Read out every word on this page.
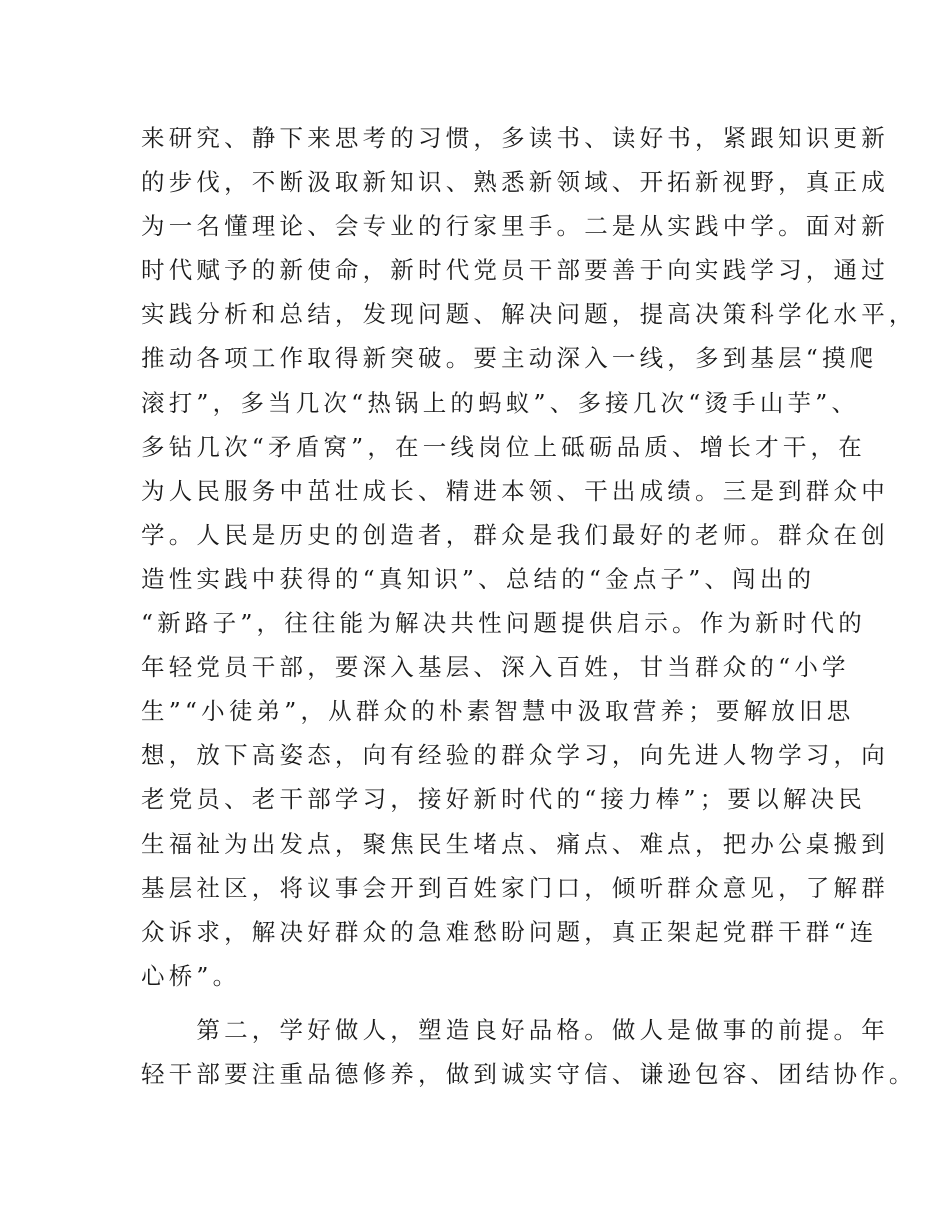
来研究、静下来思考的习惯，多读书、读好书，紧跟知识更新
的步伐，不断汲取新知识、熟悉新领域、开拓新视野，真正成
为一名懂理论、会专业的行家里手。二是从实践中学。面对新
时代赋予的新使命，新时代党员干部要善于向实践学习，通过
实践分析和总结，发现问题、解决问题，提高决策科学化水平，
推动各项工作取得新突破。要主动深入一线，多到基层“摸爬
滚打”，多当几次“热锅上的蚂蚁”、多接几次“烫手山芋”、
多钻几次“矛盾窝”，在一线岗位上砥砺品质、增长才干，在
为人民服务中茁壮成长、精进本领、干出成绩。三是到群众中
学。人民是历史的创造者，群众是我们最好的老师。群众在创
造性实践中获得的“真知识”、总结的“金点子”、闯出的
“新路子”，往往能为解决共性问题提供启示。作为新时代的
年轻党员干部，要深入基层、深入百姓，甘当群众的“小学
生”“小徒弟”，从群众的朴素智慧中汲取营养；要解放旧思
想，放下高姿态，向有经验的群众学习，向先进人物学习，向
老党员、老干部学习，接好新时代的“接力棒”；要以解决民
生福祉为出发点，聚焦民生堵点、痛点、难点，把办公桌搬到
基层社区，将议事会开到百姓家门口，倾听群众意见，了解群
众诉求，解决好群众的急难愁盼问题，真正架起党群干群“连
心桥”。
　　第二，学好做人，塑造良好品格。做人是做事的前提。年
轻干部要注重品德修养，做到诚实守信、谦逊包容、团结协作。
